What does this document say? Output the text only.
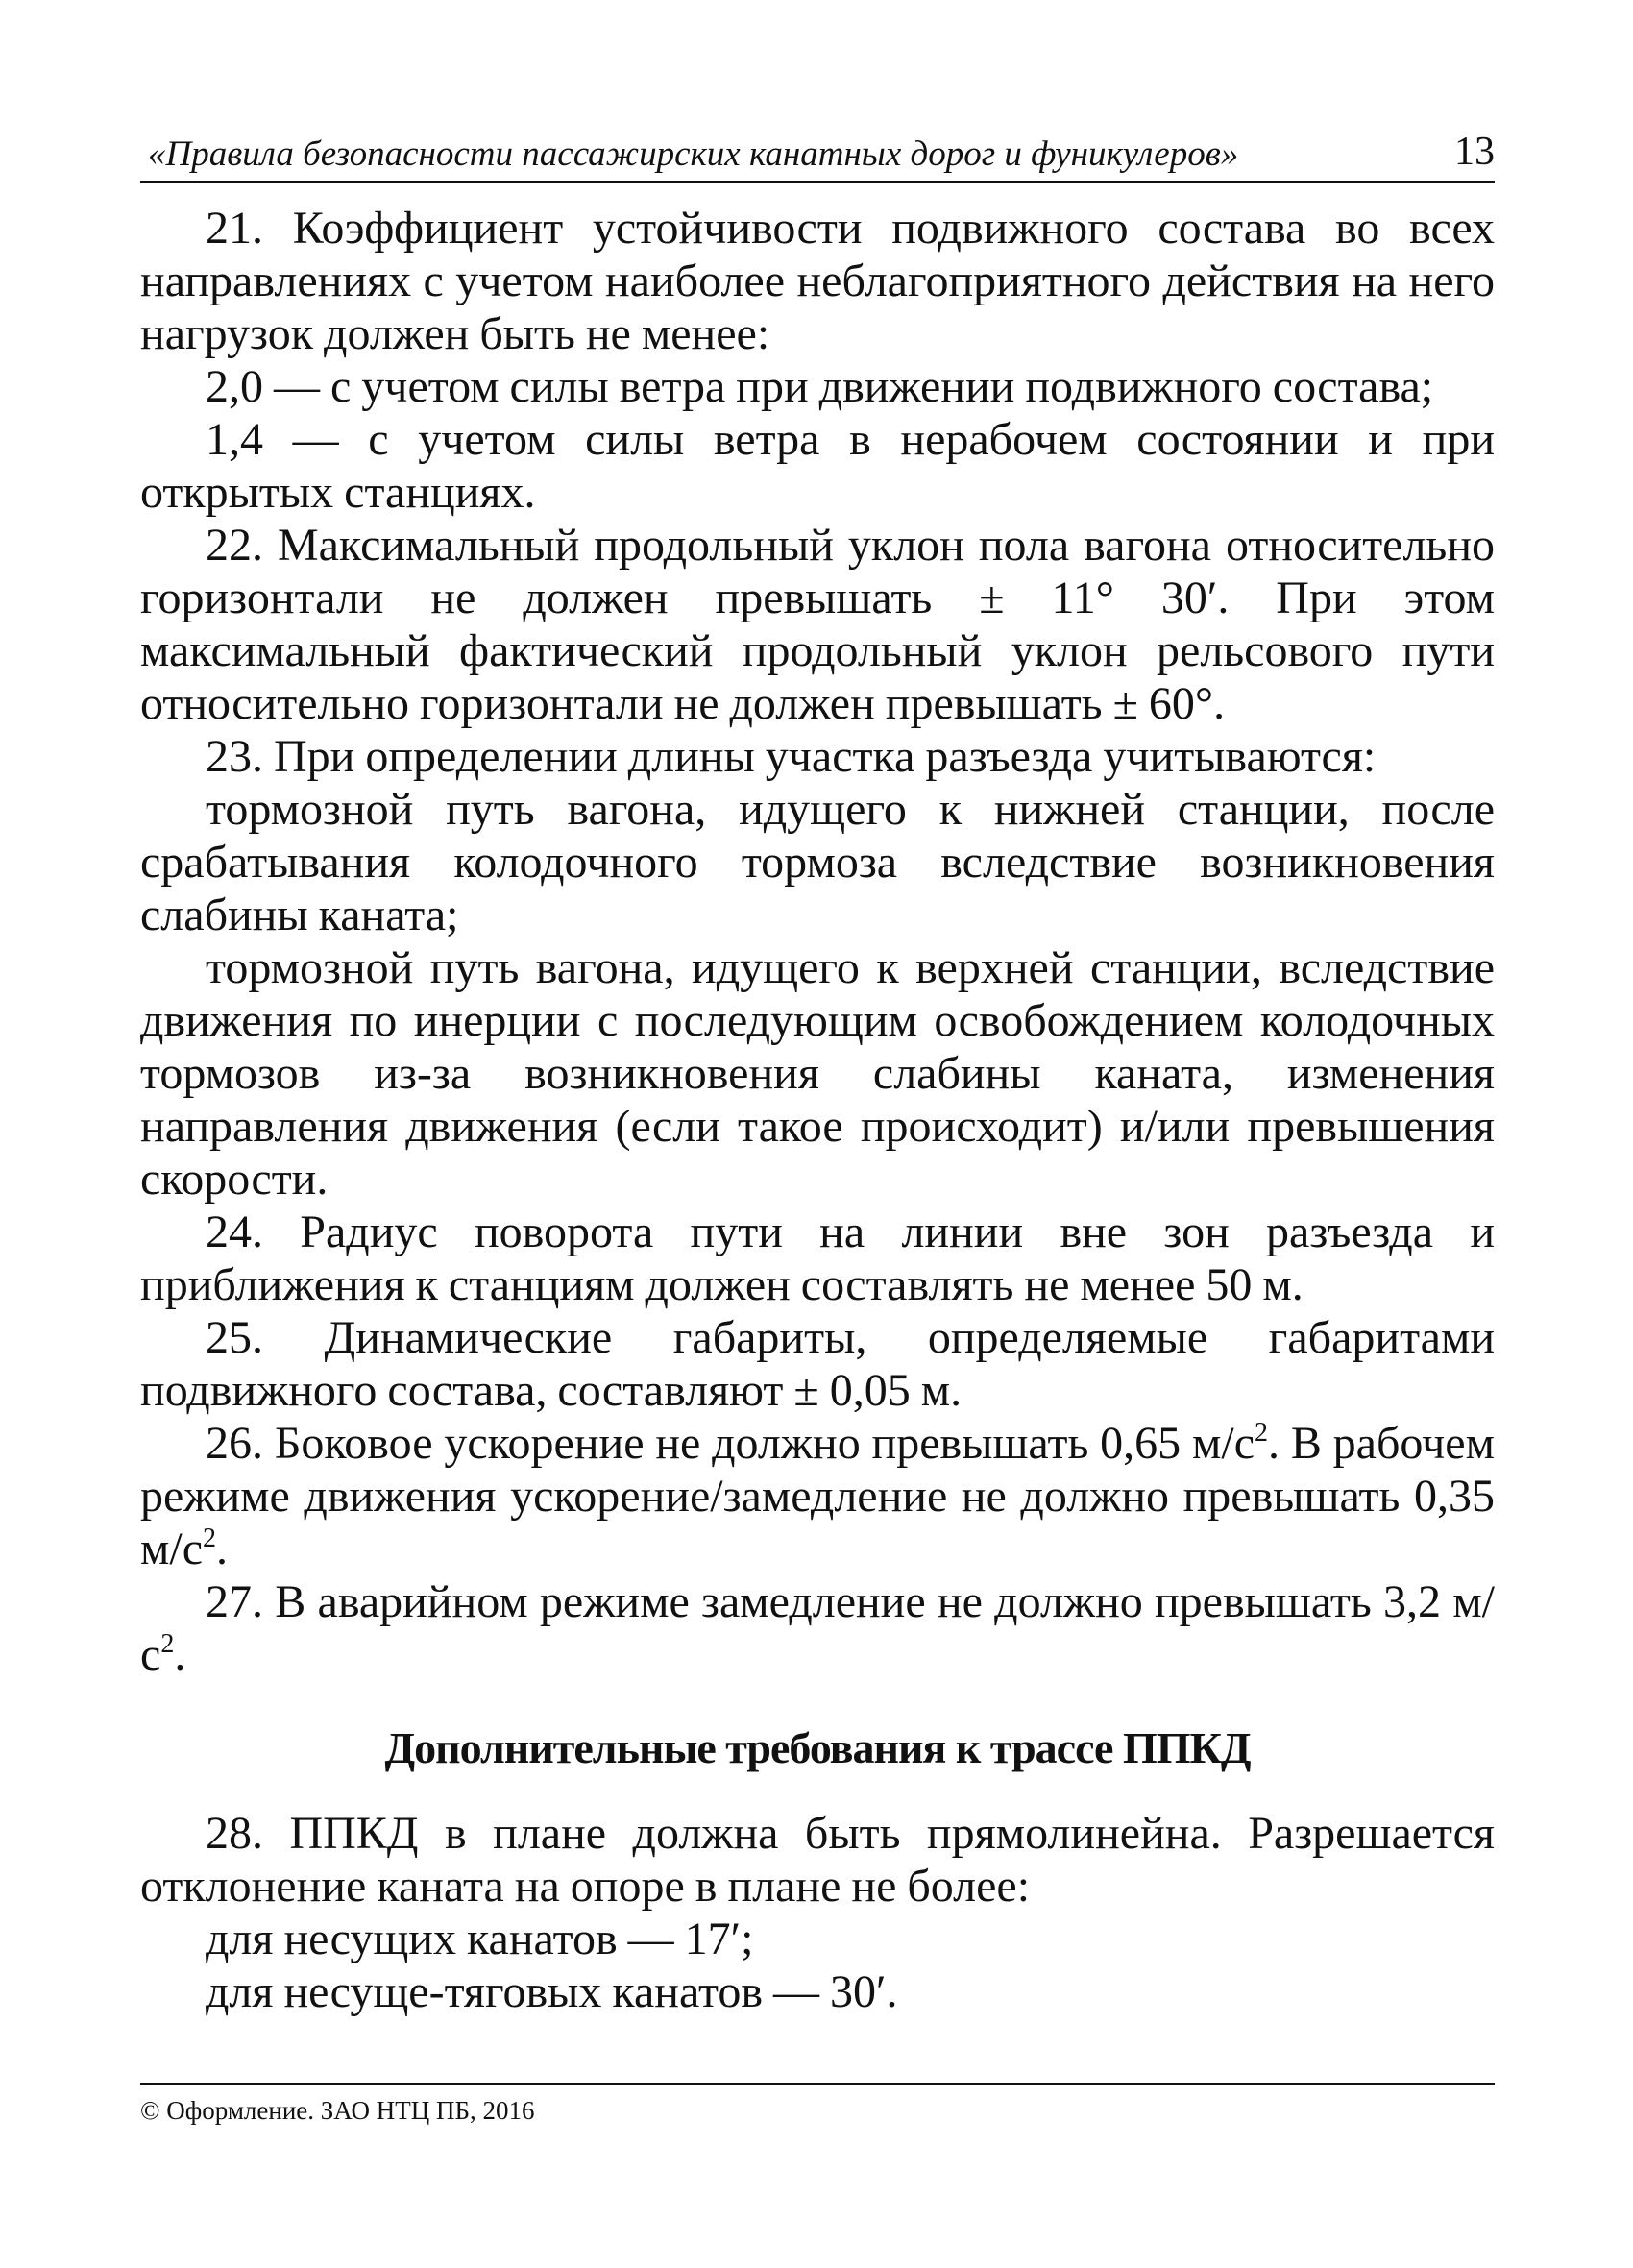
«Правила безопасности пассажирских канатных дорог и фуникулеров»	13

21. Коэффициент устойчивости подвижного состава во всех направлениях с учетом наиболее неблагоприятного действия на него нагрузок должен быть не менее:

2,0 — с учетом силы ветра при движении подвижного состава;

1,4 — с учетом силы ветра в нерабочем состоянии и при открытых станциях.

22. Максимальный продольный уклон пола вагона относительно горизонтали не должен превышать ± 11° 30′. При этом максимальный фактический продольный уклон рельсового пути относительно горизонтали не должен превышать ± 60°.

23. При определении длины участка разъезда учитываются:

тормозной путь вагона, идущего к нижней станции, после срабатывания колодочного тормоза вследствие возникновения слабины каната;

тормозной путь вагона, идущего к верхней станции, вследствие движения по инерции с последующим освобождением колодочных тормозов из-за возникновения слабины каната, изменения направления движения (если такое происходит) и/или превышения скорости.

24. Радиус поворота пути на линии вне зон разъезда и приближения к станциям должен составлять не менее 50 м.

25. Динамические габариты, определяемые габаритами подвижного состава, составляют ± 0,05 м.

26. Боковое ускорение не должно превышать 0,65 $м/с^2$. В рабочем режиме движения ускорение/замедление не должно превышать 0,35 $м/с^2$.

27. В аварийном режиме замедление не должно превышать 3,2 $м/с^2$.

Дополнительные требования к трассе ППКД

28. ППКД в плане должна быть прямолинейна. Разрешается отклонение каната на опоре в плане не более:

для несущих канатов — 17′;

для несуще-тяговых канатов — 30′.

© Оформление. ЗАО НТЦ ПБ, 2016
